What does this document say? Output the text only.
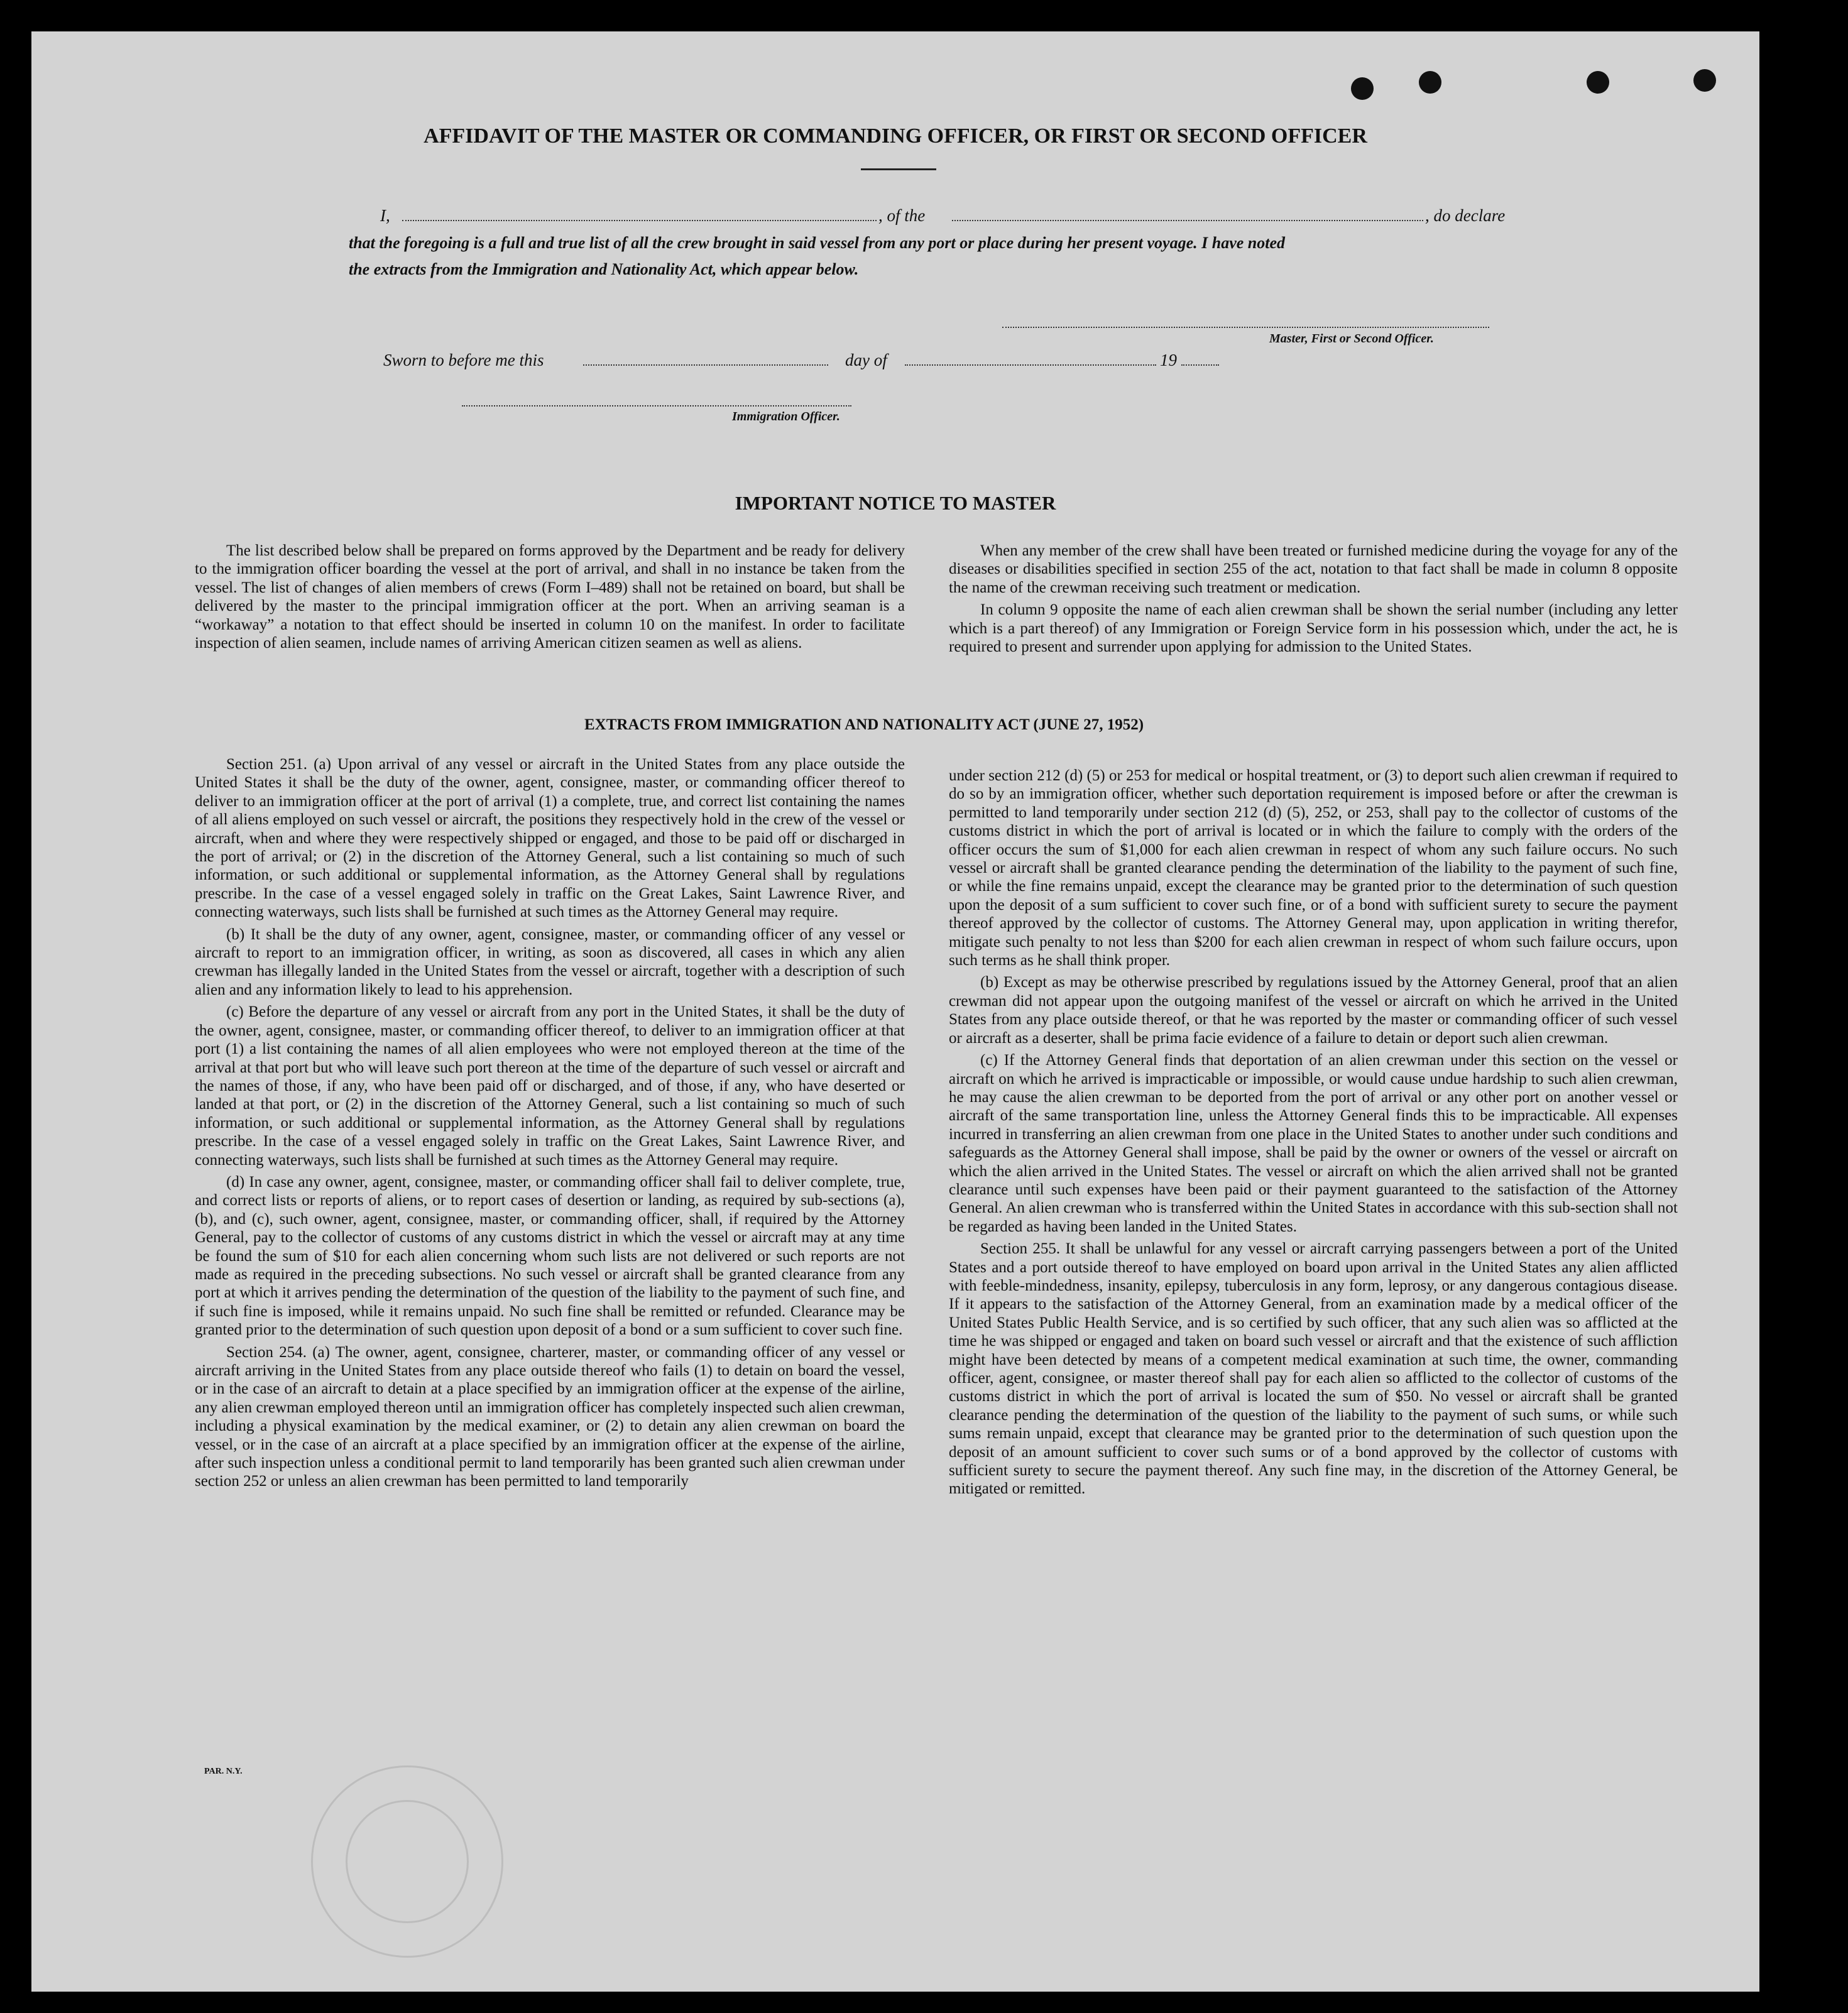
AFFIDAVIT OF THE MASTER OR COMMANDING OFFICER, OR FIRST OR SECOND OFFICER
I,	, of the	, do declare
that the foregoing is a full and true list of all the crew brought in said vessel from any port or place during her present voyage. I have noted
the extracts from the Immigration and Nationality Act, which appear below.
Master, First or Second Officer.
Sworn to before me this	day of	19
Immigration Officer.
IMPORTANT NOTICE TO MASTER

The list described below shall be prepared on forms approved by the Department and be ready for delivery to the immigration officer boarding the vessel at the port of arrival, and shall in no instance be taken from the vessel. The list of changes of alien members of crews (Form I–489) shall not be retained on board, but shall be delivered by the master to the principal immigration officer at the port. When an arriving seaman is a “workaway” a notation to that effect should be inserted in column 10 on the manifest. In order to facilitate inspection of alien seamen, include names of arriving American citizen seamen as well as aliens.

When any member of the crew shall have been treated or furnished medicine during the voyage for any of the diseases or disabilities specified in section 255 of the act, notation to that fact shall be made in column 8 opposite the name of the crewman receiving such treatment or medication.

In column 9 opposite the name of each alien crewman shall be shown the serial number (including any letter which is a part thereof) of any Immigration or Foreign Service form in his possession which, under the act, he is required to present and surrender upon applying for admission to the United States.

EXTRACTS FROM IMMIGRATION AND NATIONALITY ACT (JUNE 27, 1952)

Section 251. (a) Upon arrival of any vessel or aircraft in the United States from any place outside the United States it shall be the duty of the owner, agent, consignee, master, or commanding officer thereof to deliver to an immigration officer at the port of arrival (1) a complete, true, and correct list containing the names of all aliens employed on such vessel or aircraft, the positions they respectively hold in the crew of the vessel or aircraft, when and where they were respectively shipped or engaged, and those to be paid off or discharged in the port of arrival; or (2) in the discretion of the Attorney General, such a list containing so much of such information, or such additional or supplemental information, as the Attorney General shall by regulations prescribe. In the case of a vessel engaged solely in traffic on the Great Lakes, Saint Lawrence River, and connecting waterways, such lists shall be furnished at such times as the Attorney General may require.

(b) It shall be the duty of any owner, agent, consignee, master, or commanding officer of any vessel or aircraft to report to an immigration officer, in writing, as soon as discovered, all cases in which any alien crewman has illegally landed in the United States from the vessel or aircraft, together with a description of such alien and any information likely to lead to his apprehension.

(c) Before the departure of any vessel or aircraft from any port in the United States, it shall be the duty of the owner, agent, consignee, master, or commanding officer thereof, to deliver to an immigration officer at that port (1) a list containing the names of all alien employees who were not employed thereon at the time of the arrival at that port but who will leave such port thereon at the time of the departure of such vessel or aircraft and the names of those, if any, who have been paid off or discharged, and of those, if any, who have deserted or landed at that port, or (2) in the discretion of the Attorney General, such a list containing so much of such information, or such additional or supplemental information, as the Attorney General shall by regulations prescribe. In the case of a vessel engaged solely in traffic on the Great Lakes, Saint Lawrence River, and connecting waterways, such lists shall be furnished at such times as the Attorney General may require.

(d) In case any owner, agent, consignee, master, or commanding officer shall fail to deliver complete, true, and correct lists or reports of aliens, or to report cases of desertion or landing, as required by sub-sections (a), (b), and (c), such owner, agent, consignee, master, or commanding officer, shall, if required by the Attorney General, pay to the collector of customs of any customs district in which the vessel or aircraft may at any time be found the sum of $10 for each alien concerning whom such lists are not delivered or such reports are not made as required in the preceding subsections. No such vessel or aircraft shall be granted clearance from any port at which it arrives pending the determination of the question of the liability to the payment of such fine, and if such fine is imposed, while it remains unpaid. No such fine shall be remitted or refunded. Clearance may be granted prior to the determination of such question upon deposit of a bond or a sum sufficient to cover such fine.

Section 254. (a) The owner, agent, consignee, charterer, master, or commanding officer of any vessel or aircraft arriving in the United States from any place outside thereof who fails (1) to detain on board the vessel, or in the case of an aircraft to detain at a place specified by an immigration officer at the expense of the airline, any alien crewman employed thereon until an immigration officer has completely inspected such alien crewman, including a physical examination by the medical examiner, or (2) to detain any alien crewman on board the vessel, or in the case of an aircraft at a place specified by an immigration officer at the expense of the airline, after such inspection unless a conditional permit to land temporarily has been granted such alien crewman under section 252 or unless an alien crewman has been permitted to land temporarily

under section 212 (d) (5) or 253 for medical or hospital treatment, or (3) to deport such alien crewman if required to do so by an immigration officer, whether such deportation requirement is imposed before or after the crewman is permitted to land temporarily under section 212 (d) (5), 252, or 253, shall pay to the collector of customs of the customs district in which the port of arrival is located or in which the failure to comply with the orders of the officer occurs the sum of $1,000 for each alien crewman in respect of whom any such failure occurs. No such vessel or aircraft shall be granted clearance pending the determination of the liability to the payment of such fine, or while the fine remains unpaid, except the clearance may be granted prior to the determination of such question upon the deposit of a sum sufficient to cover such fine, or of a bond with sufficient surety to secure the payment thereof approved by the collector of customs. The Attorney General may, upon application in writing therefor, mitigate such penalty to not less than $200 for each alien crewman in respect of whom such failure occurs, upon such terms as he shall think proper.

(b) Except as may be otherwise prescribed by regulations issued by the Attorney General, proof that an alien crewman did not appear upon the outgoing manifest of the vessel or aircraft on which he arrived in the United States from any place outside thereof, or that he was reported by the master or commanding officer of such vessel or aircraft as a deserter, shall be prima facie evidence of a failure to detain or deport such alien crewman.

(c) If the Attorney General finds that deportation of an alien crewman under this section on the vessel or aircraft on which he arrived is impracticable or impossible, or would cause undue hardship to such alien crewman, he may cause the alien crewman to be deported from the port of arrival or any other port on another vessel or aircraft of the same transportation line, unless the Attorney General finds this to be impracticable. All expenses incurred in transferring an alien crewman from one place in the United States to another under such conditions and safeguards as the Attorney General shall impose, shall be paid by the owner or owners of the vessel or aircraft on which the alien arrived in the United States. The vessel or aircraft on which the alien arrived shall not be granted clearance until such expenses have been paid or their payment guaranteed to the satisfaction of the Attorney General. An alien crewman who is transferred within the United States in accordance with this sub-section shall not be regarded as having been landed in the United States.

Section 255. It shall be unlawful for any vessel or aircraft carrying passengers between a port of the United States and a port outside thereof to have employed on board upon arrival in the United States any alien afflicted with feeble-mindedness, insanity, epilepsy, tuberculosis in any form, leprosy, or any dangerous contagious disease. If it appears to the satisfaction of the Attorney General, from an examination made by a medical officer of the United States Public Health Service, and is so certified by such officer, that any such alien was so afflicted at the time he was shipped or engaged and taken on board such vessel or aircraft and that the existence of such affliction might have been detected by means of a competent medical examination at such time, the owner, commanding officer, agent, consignee, or master thereof shall pay for each alien so afflicted to the collector of customs of the customs district in which the port of arrival is located the sum of $50. No vessel or aircraft shall be granted clearance pending the determination of the question of the liability to the payment of such sums, or while such sums remain unpaid, except that clearance may be granted prior to the determination of such question upon the deposit of an amount sufficient to cover such sums or of a bond approved by the collector of customs with sufficient surety to secure the payment thereof. Any such fine may, in the discretion of the Attorney General, be mitigated or remitted.

PAR. N.Y.
